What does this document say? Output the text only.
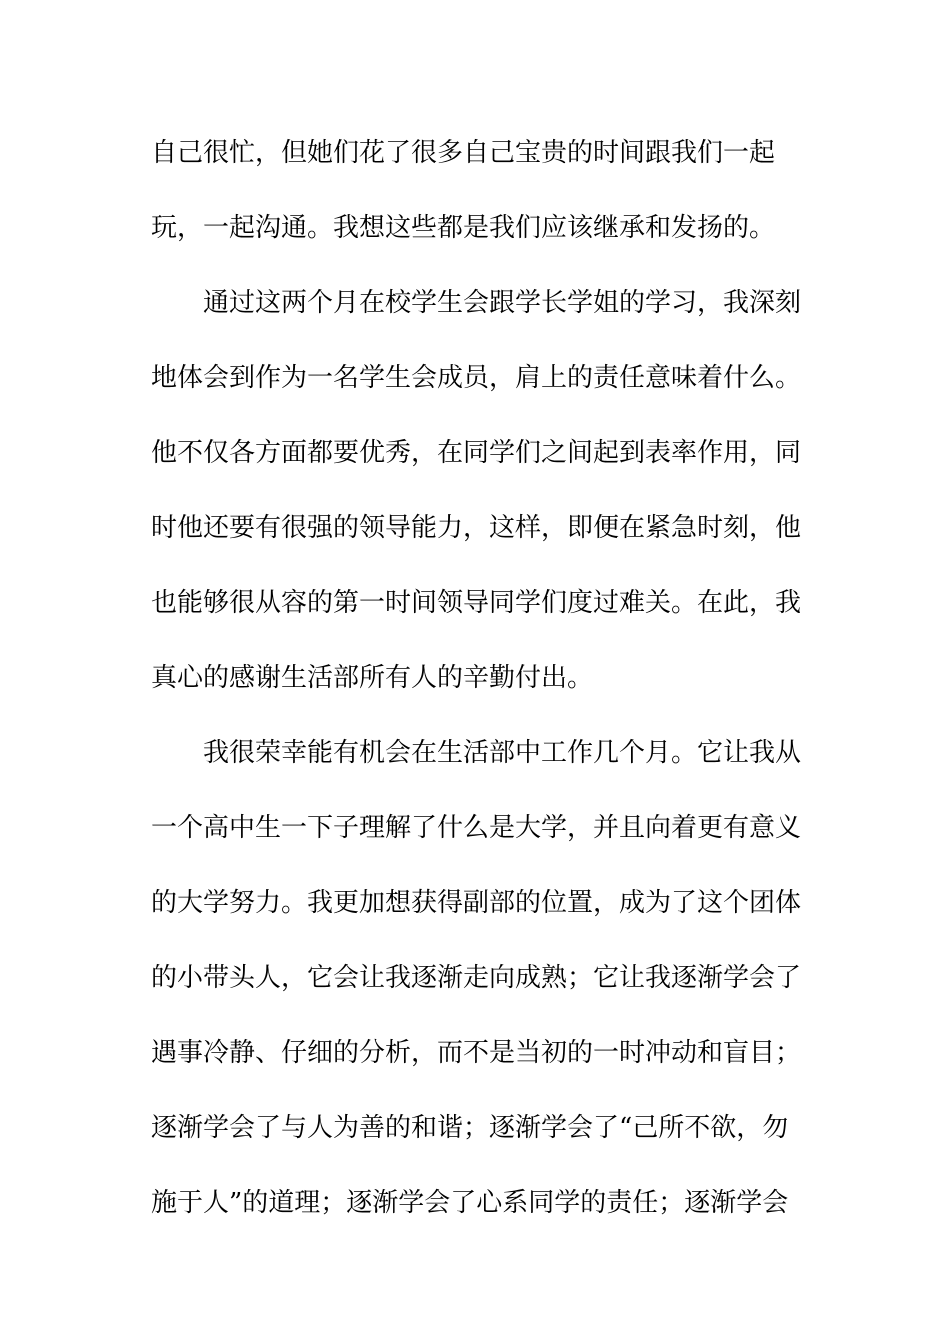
自己很忙，但她们花了很多自己宝贵的时间跟我们一起
玩，一起沟通。我想这些都是我们应该继承和发扬的。
通过这两个月在校学生会跟学长学姐的学习，我深刻
地体会到作为一名学生会成员，肩上的责任意味着什么。
他不仅各方面都要优秀，在同学们之间起到表率作用，同
时他还要有很强的领导能力，这样，即便在紧急时刻，他
也能够很从容的第一时间领导同学们度过难关。在此，我
真心的感谢生活部所有人的辛勤付出。
我很荣幸能有机会在生活部中工作几个月。它让我从
一个高中生一下子理解了什么是大学，并且向着更有意义
的大学努力。我更加想获得副部的位置，成为了这个团体
的小带头人，它会让我逐渐走向成熟；它让我逐渐学会了
遇事冷静、仔细的分析，而不是当初的一时冲动和盲目；
逐渐学会了与人为善的和谐；逐渐学会了“己所不欲，勿
施于人”的道理；逐渐学会了心系同学的责任；逐渐学会
